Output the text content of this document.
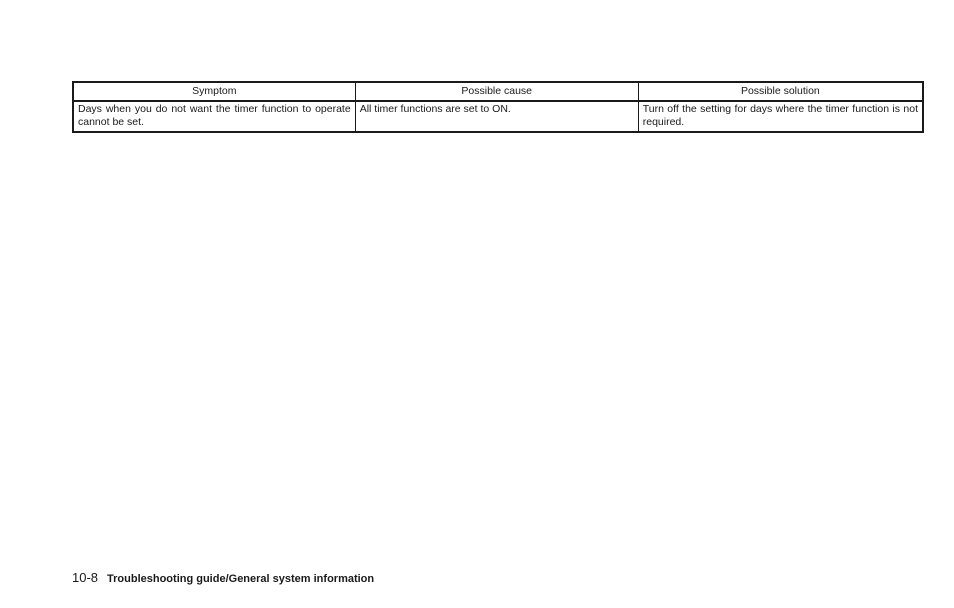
Symptom	Possible cause	Possible solution
Days when you do not want the timer function to operate cannot be set.	All timer functions are set to ON.	Turn off the setting for days where the timer function is not required.
10-8 Troubleshooting guide/General system information
